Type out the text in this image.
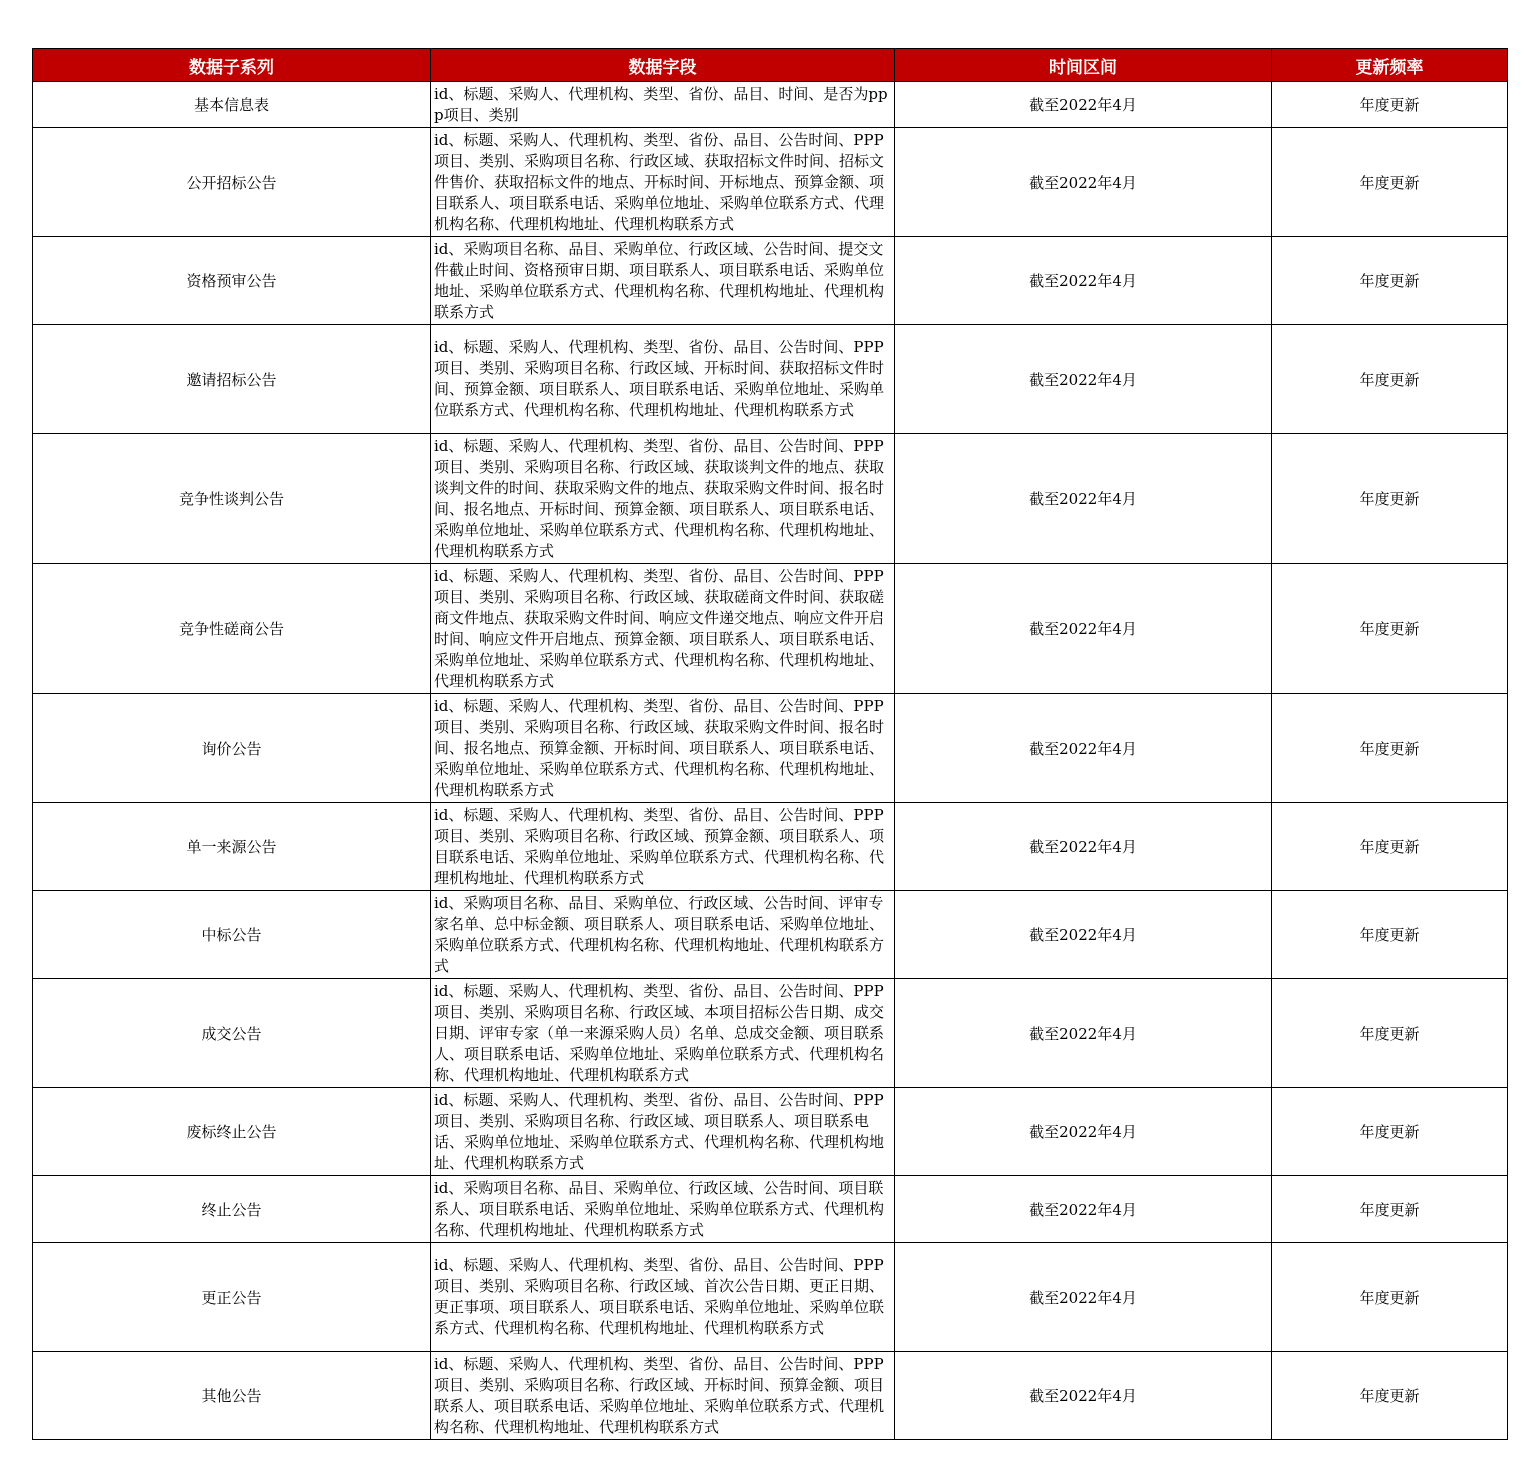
数据子系列	数据字段	时间区间	更新频率
基本信息表	id、标题、采购人、代理机构、类型、省份、品目、时间、是否为ppp项目、类别	截至2022年4月	年度更新
公开招标公告	id、标题、采购人、代理机构、类型、省份、品目、公告时间、PPP项目、类别、采购项目名称、行政区域、获取招标文件时间、招标文件售价、获取招标文件的地点、开标时间、开标地点、预算金额、项目联系人、项目联系电话、采购单位地址、采购单位联系方式、代理机构名称、代理机构地址、代理机构联系方式	截至2022年4月	年度更新
资格预审公告	id、采购项目名称、品目、采购单位、行政区域、公告时间、提交文件截止时间、资格预审日期、项目联系人、项目联系电话、采购单位地址、采购单位联系方式、代理机构名称、代理机构地址、代理机构联系方式	截至2022年4月	年度更新
邀请招标公告	id、标题、采购人、代理机构、类型、省份、品目、公告时间、PPP项目、类别、采购项目名称、行政区域、开标时间、获取招标文件时间、预算金额、项目联系人、项目联系电话、采购单位地址、采购单位联系方式、代理机构名称、代理机构地址、代理机构联系方式	截至2022年4月	年度更新
竞争性谈判公告	id、标题、采购人、代理机构、类型、省份、品目、公告时间、PPP项目、类别、采购项目名称、行政区域、获取谈判文件的地点、获取谈判文件的时间、获取采购文件的地点、获取采购文件时间、报名时间、报名地点、开标时间、预算金额、项目联系人、项目联系电话、采购单位地址、采购单位联系方式、代理机构名称、代理机构地址、代理机构联系方式	截至2022年4月	年度更新
竞争性磋商公告	id、标题、采购人、代理机构、类型、省份、品目、公告时间、PPP项目、类别、采购项目名称、行政区域、获取磋商文件时间、获取磋商文件地点、获取采购文件时间、响应文件递交地点、响应文件开启时间、响应文件开启地点、预算金额、项目联系人、项目联系电话、采购单位地址、采购单位联系方式、代理机构名称、代理机构地址、代理机构联系方式	截至2022年4月	年度更新
询价公告	id、标题、采购人、代理机构、类型、省份、品目、公告时间、PPP项目、类别、采购项目名称、行政区域、获取采购文件时间、报名时间、报名地点、预算金额、开标时间、项目联系人、项目联系电话、采购单位地址、采购单位联系方式、代理机构名称、代理机构地址、代理机构联系方式	截至2022年4月	年度更新
单一来源公告	id、标题、采购人、代理机构、类型、省份、品目、公告时间、PPP项目、类别、采购项目名称、行政区域、预算金额、项目联系人、项目联系电话、采购单位地址、采购单位联系方式、代理机构名称、代理机构地址、代理机构联系方式	截至2022年4月	年度更新
中标公告	id、采购项目名称、品目、采购单位、行政区域、公告时间、评审专家名单、总中标金额、项目联系人、项目联系电话、采购单位地址、采购单位联系方式、代理机构名称、代理机构地址、代理机构联系方式	截至2022年4月	年度更新
成交公告	id、标题、采购人、代理机构、类型、省份、品目、公告时间、PPP项目、类别、采购项目名称、行政区域、本项目招标公告日期、成交日期、评审专家（单一来源采购人员）名单、总成交金额、项目联系人、项目联系电话、采购单位地址、采购单位联系方式、代理机构名称、代理机构地址、代理机构联系方式	截至2022年4月	年度更新
废标终止公告	id、标题、采购人、代理机构、类型、省份、品目、公告时间、PPP项目、类别、采购项目名称、行政区域、项目联系人、项目联系电话、采购单位地址、采购单位联系方式、代理机构名称、代理机构地址、代理机构联系方式	截至2022年4月	年度更新
终止公告	id、采购项目名称、品目、采购单位、行政区域、公告时间、项目联系人、项目联系电话、采购单位地址、采购单位联系方式、代理机构名称、代理机构地址、代理机构联系方式	截至2022年4月	年度更新
更正公告	id、标题、采购人、代理机构、类型、省份、品目、公告时间、PPP项目、类别、采购项目名称、行政区域、首次公告日期、更正日期、更正事项、项目联系人、项目联系电话、采购单位地址、采购单位联系方式、代理机构名称、代理机构地址、代理机构联系方式	截至2022年4月	年度更新
其他公告	id、标题、采购人、代理机构、类型、省份、品目、公告时间、PPP项目、类别、采购项目名称、行政区域、开标时间、预算金额、项目联系人、项目联系电话、采购单位地址、采购单位联系方式、代理机构名称、代理机构地址、代理机构联系方式	截至2022年4月	年度更新
